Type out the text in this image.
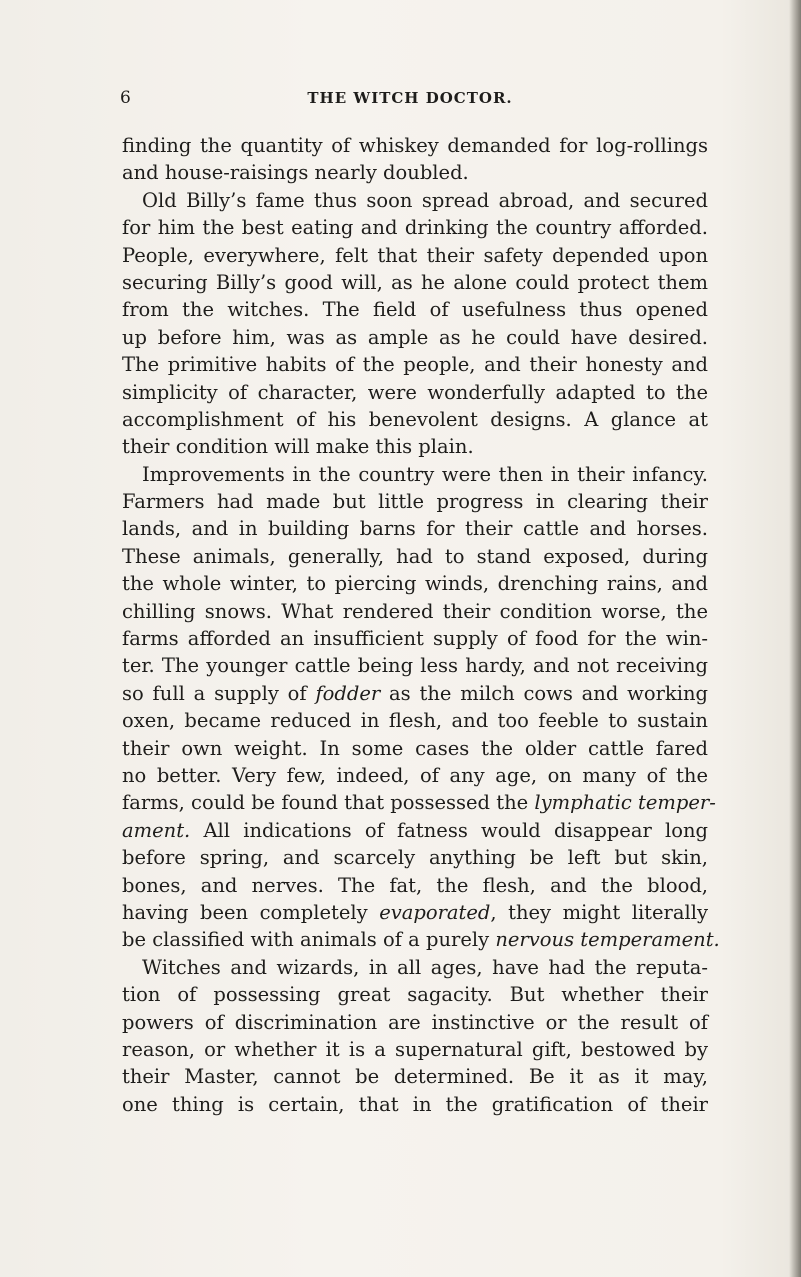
6	THE WITCH DOCTOR.
finding the quantity of whiskey demanded for log-rollings
and house-raisings nearly doubled.
Old Billy’s fame thus soon spread abroad, and secured
for him the best eating and drinking the country afforded.
People, everywhere, felt that their safety depended upon
securing Billy’s good will, as he alone could protect them
from the witches. The field of usefulness thus opened
up before him, was as ample as he could have desired.
The primitive habits of the people, and their honesty and
simplicity of character, were wonderfully adapted to the
accomplishment of his benevolent designs. A glance at
their condition will make this plain.
Improvements in the country were then in their infancy.
Farmers had made but little progress in clearing their
lands, and in building barns for their cattle and horses.
These animals, generally, had to stand exposed, during
the whole winter, to piercing winds, drenching rains, and
chilling snows. What rendered their condition worse, the
farms afforded an insufficient supply of food for the win-
ter. The younger cattle being less hardy, and not receiving
so full a supply of fodder as the milch cows and working
oxen, became reduced in flesh, and too feeble to sustain
their own weight. In some cases the older cattle fared
no better. Very few, indeed, of any age, on many of the
farms, could be found that possessed the lymphatic temper-
ament. All indications of fatness would disappear long
before spring, and scarcely anything be left but skin,
bones, and nerves. The fat, the flesh, and the blood,
having been completely evaporated, they might literally
be classified with animals of a purely nervous temperament.
Witches and wizards, in all ages, have had the reputa-
tion of possessing great sagacity. But whether their
powers of discrimination are instinctive or the result of
reason, or whether it is a supernatural gift, bestowed by
their Master, cannot be determined. Be it as it may,
one thing is certain, that in the gratification of their
